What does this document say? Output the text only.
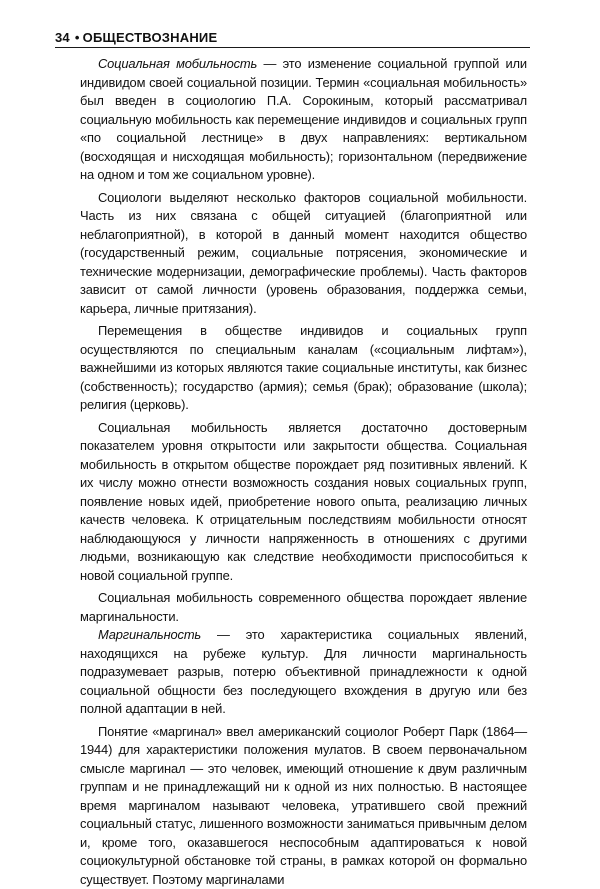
34 • ОБЩЕСТВОЗНАНИЕ

Социальная мобильность — это изменение социальной группой или индивидом своей социальной позиции. Термин «социальная мобильность» был введен в социологию П.А. Сорокиным, который рассматривал социальную мобильность как перемещение индивидов и социальных групп «по социальной лестнице» в двух направлениях: вертикальном (восходящая и нисходящая мобильность); горизонтальном (передвижение на одном и том же социальном уровне).

Социологи выделяют несколько факторов социальной мобильности. Часть из них связана с общей ситуацией (благоприятной или неблагоприятной), в которой в данный момент находится общество (государственный режим, социальные потрясения, экономические и технические модернизации, демографические проблемы). Часть факторов зависит от самой личности (уровень образования, поддержка семьи, карьера, личные притязания).

Перемещения в обществе индивидов и социальных групп осуществляются по специальным каналам («социальным лифтам»), важнейшими из которых являются такие социальные институты, как бизнес (собственность); государство (армия); семья (брак); образование (школа); религия (церковь).

Социальная мобильность является достаточно достоверным показателем уровня открытости или закрытости общества. Социальная мобильность в открытом обществе порождает ряд позитивных явлений. К их числу можно отнести возможность создания новых социальных групп, появление новых идей, приобретение нового опыта, реализацию личных качеств человека. К отрицательным последствиям мобильности относят наблюдающуюся у личности напряженность в отношениях с другими людьми, возникающую как следствие необходимости приспособиться к новой социальной группе.

Социальная мобильность современного общества порождает явление маргинальности.

Маргинальность — это характеристика социальных явлений, находящихся на рубеже культур. Для личности маргинальность подразумевает разрыв, потерю объективной принадлежности к одной социальной общности без последующего вхождения в другую или без полной адаптации в ней.

Понятие «маргинал» ввел американский социолог Роберт Парк (1864—1944) для характеристики положения мулатов. В своем первоначальном смысле маргинал — это человек, имеющий отношение к двум различным группам и не принадлежащий ни к одной из них полностью. В настоящее время маргиналом называют человека, утратившего свой прежний социальный статус, лишенного возможности заниматься привычным делом и, кроме того, оказавшегося неспособным адаптироваться к новой социокультурной обстановке той страны, в рамках которой он формально существует. Поэтому маргиналами
